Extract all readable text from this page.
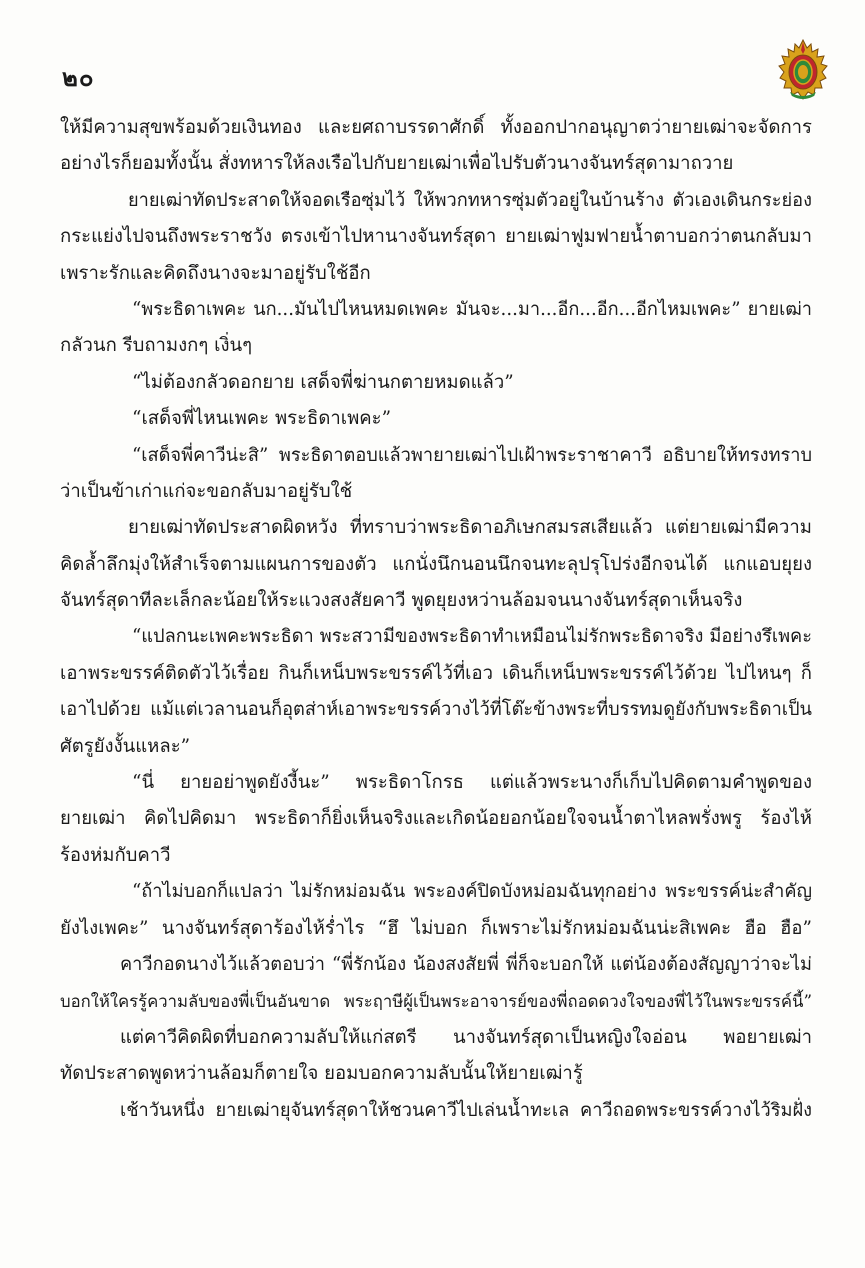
๒๐
ให้มีความสุขพร้อมด้วยเงินทอง และยศถาบรรดาศักดิ์ ทั้งออกปากอนุญาตว่ายายเฒ่าจะจัดการ
อย่างไรก็ยอมทั้งนั้น สั่งทหารให้ลงเรือไปกับยายเฒ่าเพื่อไปรับตัวนางจันทร์สุดามาถวาย
ยายเฒ่าทัดประสาดให้จอดเรือซุ่มไว้ ให้พวกทหารซุ่มตัวอยู่ในบ้านร้าง ตัวเองเดินกระย่อง
กระแย่งไปจนถึงพระราชวัง ตรงเข้าไปหานางจันทร์สุดา ยายเฒ่าฟูมฟายน้ำตาบอกว่าตนกลับมา
เพราะรักและคิดถึงนางจะมาอยู่รับใช้อีก
“พระธิดาเพคะ นก...มันไปไหนหมดเพคะ มันจะ...มา...อีก...อีก...อีกไหมเพคะ” ยายเฒ่า
กลัวนก รีบถามงกๆ เงิ่นๆ
“ไม่ต้องกลัวดอกยาย เสด็จพี่ฆ่านกตายหมดแล้ว”
“เสด็จพี่ไหนเพคะ พระธิดาเพคะ”
“เสด็จพี่คาวีน่ะสิ” พระธิดาตอบแล้วพายายเฒ่าไปเฝ้าพระราชาคาวี อธิบายให้ทรงทราบ
ว่าเป็นข้าเก่าแก่จะขอกลับมาอยู่รับใช้
ยายเฒ่าทัดประสาดผิดหวัง ที่ทราบว่าพระธิดาอภิเษกสมรสเสียแล้ว แต่ยายเฒ่ามีความ
คิดล้ำลึกมุ่งให้สำเร็จตามแผนการของตัว แกนั่งนึกนอนนึกจนทะลุปรุโปร่งอีกจนได้ แกแอบยุยง
จันทร์สุดาทีละเล็กละน้อยให้ระแวงสงสัยคาวี พูดยุยงหว่านล้อมจนนางจันทร์สุดาเห็นจริง
“แปลกนะเพคะพระธิดา พระสวามีของพระธิดาทำเหมือนไม่รักพระธิดาจริง มีอย่างรึเพคะ
เอาพระขรรค์ติดตัวไว้เรื่อย กินก็เหน็บพระขรรค์ไว้ที่เอว เดินก็เหน็บพระขรรค์ไว้ด้วย ไปไหนๆ ก็
เอาไปด้วย แม้แต่เวลานอนก็อุตส่าห์เอาพระขรรค์วางไว้ที่โต๊ะข้างพระที่บรรทมดูยังกับพระธิดาเป็น
ศัตรูยังงั้นแหละ”
“นี่ ยายอย่าพูดยังงี้นะ” พระธิดาโกรธ แต่แล้วพระนางก็เก็บไปคิดตามคำพูดของ
ยายเฒ่า คิดไปคิดมา พระธิดาก็ยิ่งเห็นจริงและเกิดน้อยอกน้อยใจจนน้ำตาไหลพรั่งพรู ร้องไห้
ร้องห่มกับคาวี
“ถ้าไม่บอกก็แปลว่า ไม่รักหม่อมฉัน พระองค์ปิดบังหม่อมฉันทุกอย่าง พระขรรค์น่ะสำคัญ
ยังไงเพคะ” นางจันทร์สุดาร้องไห้ร่ำไร “ฮึ ไม่บอก ก็เพราะไม่รักหม่อมฉันน่ะสิเพคะ ฮือ ฮือ”
คาวีกอดนางไว้แล้วตอบว่า “พี่รักน้อง น้องสงสัยพี่ พี่ก็จะบอกให้ แต่น้องต้องสัญญาว่าจะไม่
บอกให้ใครรู้ความลับของพี่เป็นอันขาด พระฤาษีผู้เป็นพระอาจารย์ของพี่ถอดดวงใจของพี่ไว้ในพระขรรค์นี้”
แต่คาวีคิดผิดที่บอกความลับให้แก่สตรี นางจันทร์สุดาเป็นหญิงใจอ่อน พอยายเฒ่า
ทัดประสาดพูดหว่านล้อมก็ตายใจ ยอมบอกความลับนั้นให้ยายเฒ่ารู้
เช้าวันหนึ่ง ยายเฒ่ายุจันทร์สุดาให้ชวนคาวีไปเล่นน้ำทะเล คาวีถอดพระขรรค์วางไว้ริมฝั่ง
